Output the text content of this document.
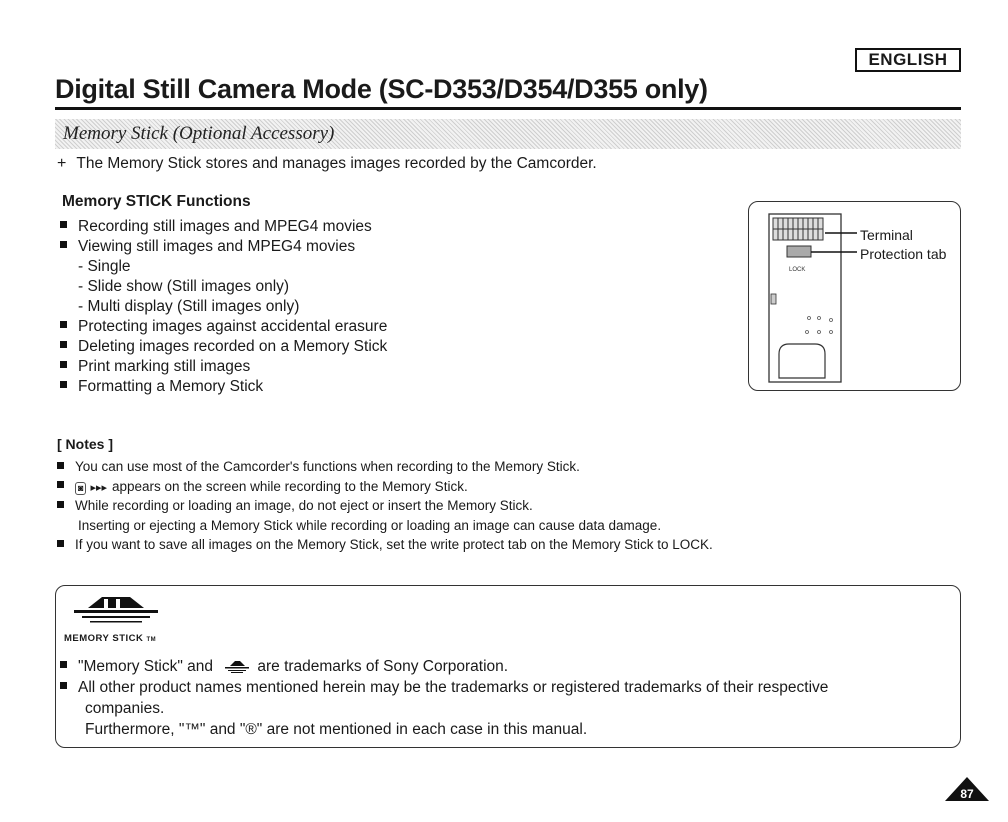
ENGLISH
Digital Still Camera Mode (SC-D353/D354/D355 only)
Memory Stick (Optional Accessory)
+ The Memory Stick stores and manages images recorded by the Camcorder.
Memory STICK Functions
Recording still images and MPEG4 movies
Viewing still images and MPEG4 movies
- Single
- Slide show (Still images only)
- Multi display (Still images only)
Protecting images against accidental erasure
Deleting images recorded on a Memory Stick
Print marking still images
Formatting a Memory Stick
LOCK
Terminal
Protection tab
[ Notes ]
You can use most of the Camcorder's functions when recording to the Memory Stick.
◙ ▸▸▸ appears on the screen while recording to the Memory Stick.
While recording or loading an image, do not eject or insert the Memory Stick.
Inserting or ejecting a Memory Stick while recording or loading an image can cause data damage.
If you want to save all images on the Memory Stick, set the write protect tab on the Memory Stick to LOCK.
MEMORY STICK TM
"Memory Stick" and	are trademarks of Sony Corporation.
All other product names mentioned herein may be the trademarks or registered trademarks of their respective
companies.
Furthermore, "™" and "®" are not mentioned in each case in this manual.
87
